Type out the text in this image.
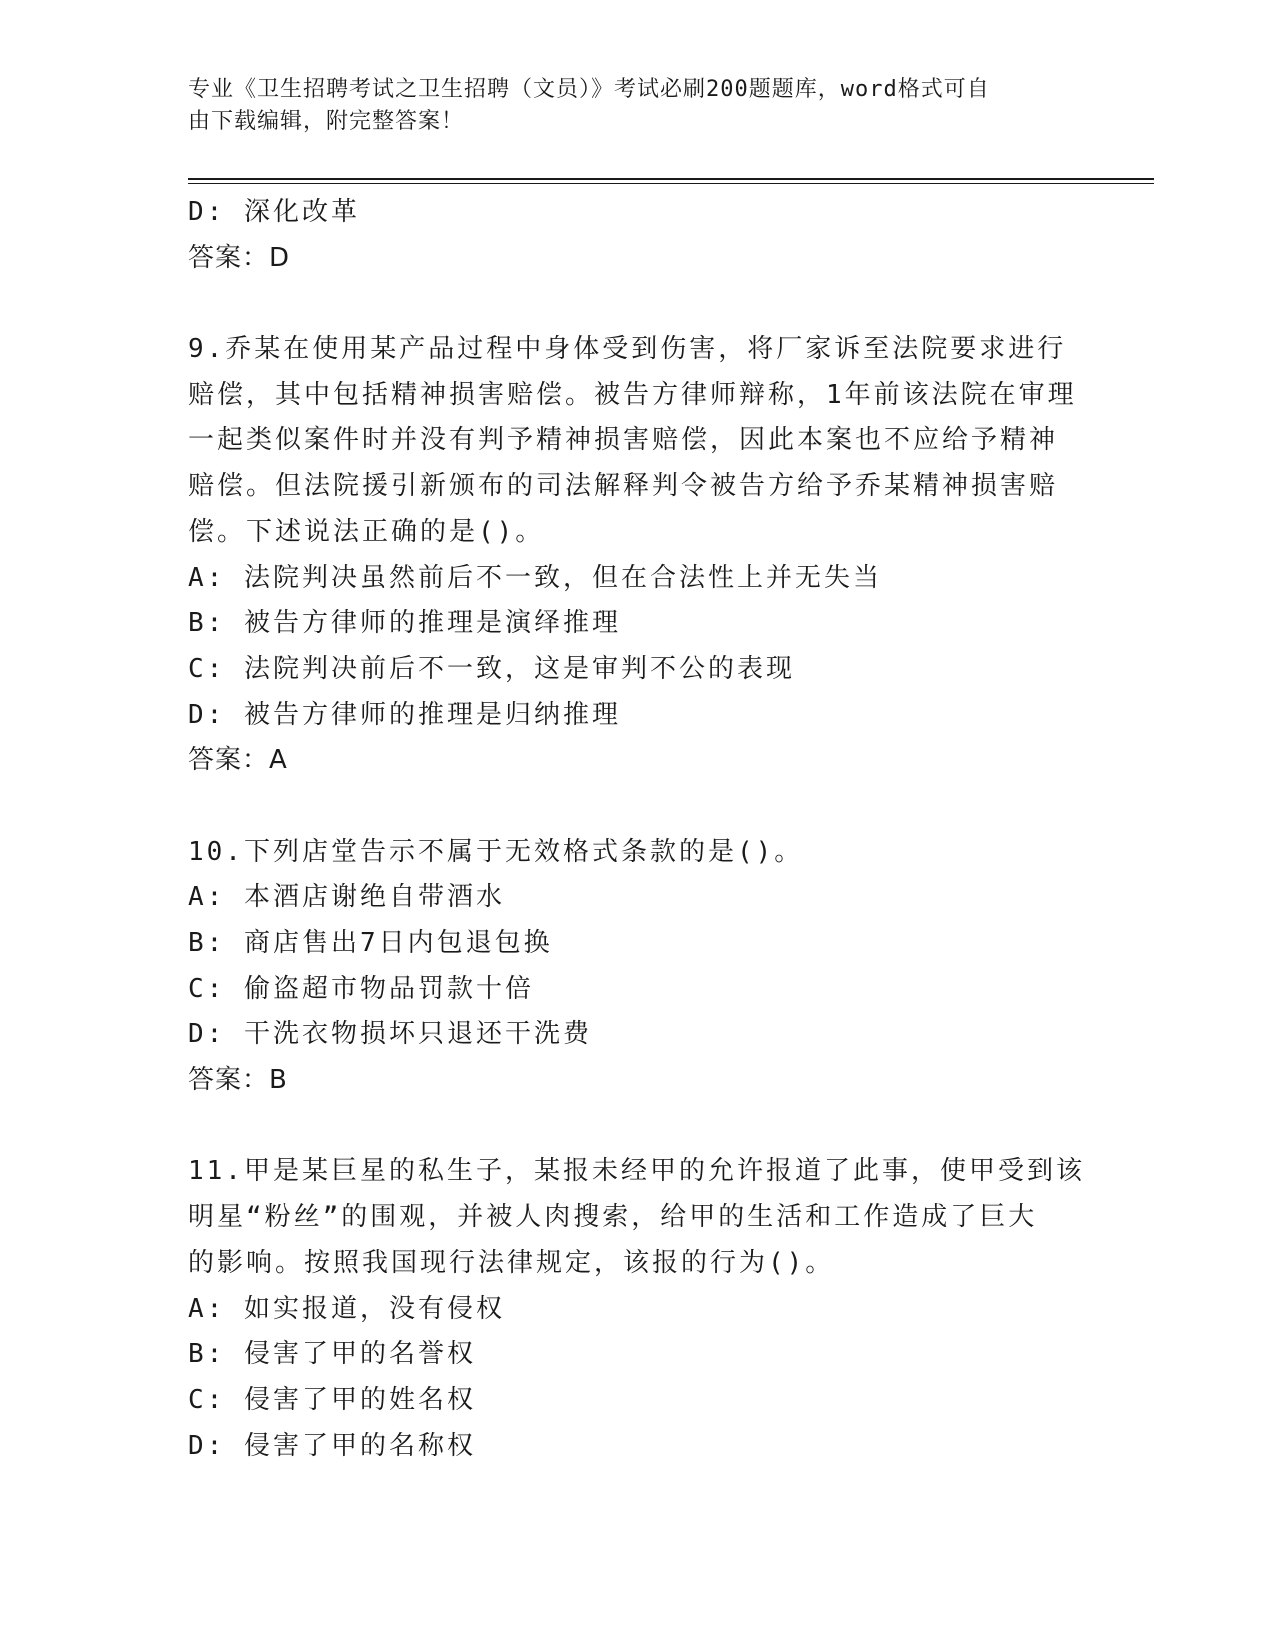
专业《卫生招聘考试之卫生招聘（文员）》考试必刷200题题库，word格式可自
由下载编辑，附完整答案！
D: 深化改革
答案：D
9.乔某在使用某产品过程中身体受到伤害，将厂家诉至法院要求进行
赔偿，其中包括精神损害赔偿。被告方律师辩称，1年前该法院在审理
一起类似案件时并没有判予精神损害赔偿，因此本案也不应给予精神
赔偿。但法院援引新颁布的司法解释判令被告方给予乔某精神损害赔
偿。下述说法正确的是()。
A: 法院判决虽然前后不一致，但在合法性上并无失当
B: 被告方律师的推理是演绎推理
C: 法院判决前后不一致，这是审判不公的表现
D: 被告方律师的推理是归纳推理
答案：A
10.下列店堂告示不属于无效格式条款的是()。
A: 本酒店谢绝自带酒水
B: 商店售出7日内包退包换
C: 偷盗超市物品罚款十倍
D: 干洗衣物损坏只退还干洗费
答案：B
11.甲是某巨星的私生子，某报未经甲的允许报道了此事，使甲受到该
明星“粉丝”的围观，并被人肉搜索，给甲的生活和工作造成了巨大
的影响。按照我国现行法律规定，该报的行为()。
A: 如实报道，没有侵权
B: 侵害了甲的名誉权
C: 侵害了甲的姓名权
D: 侵害了甲的名称权
